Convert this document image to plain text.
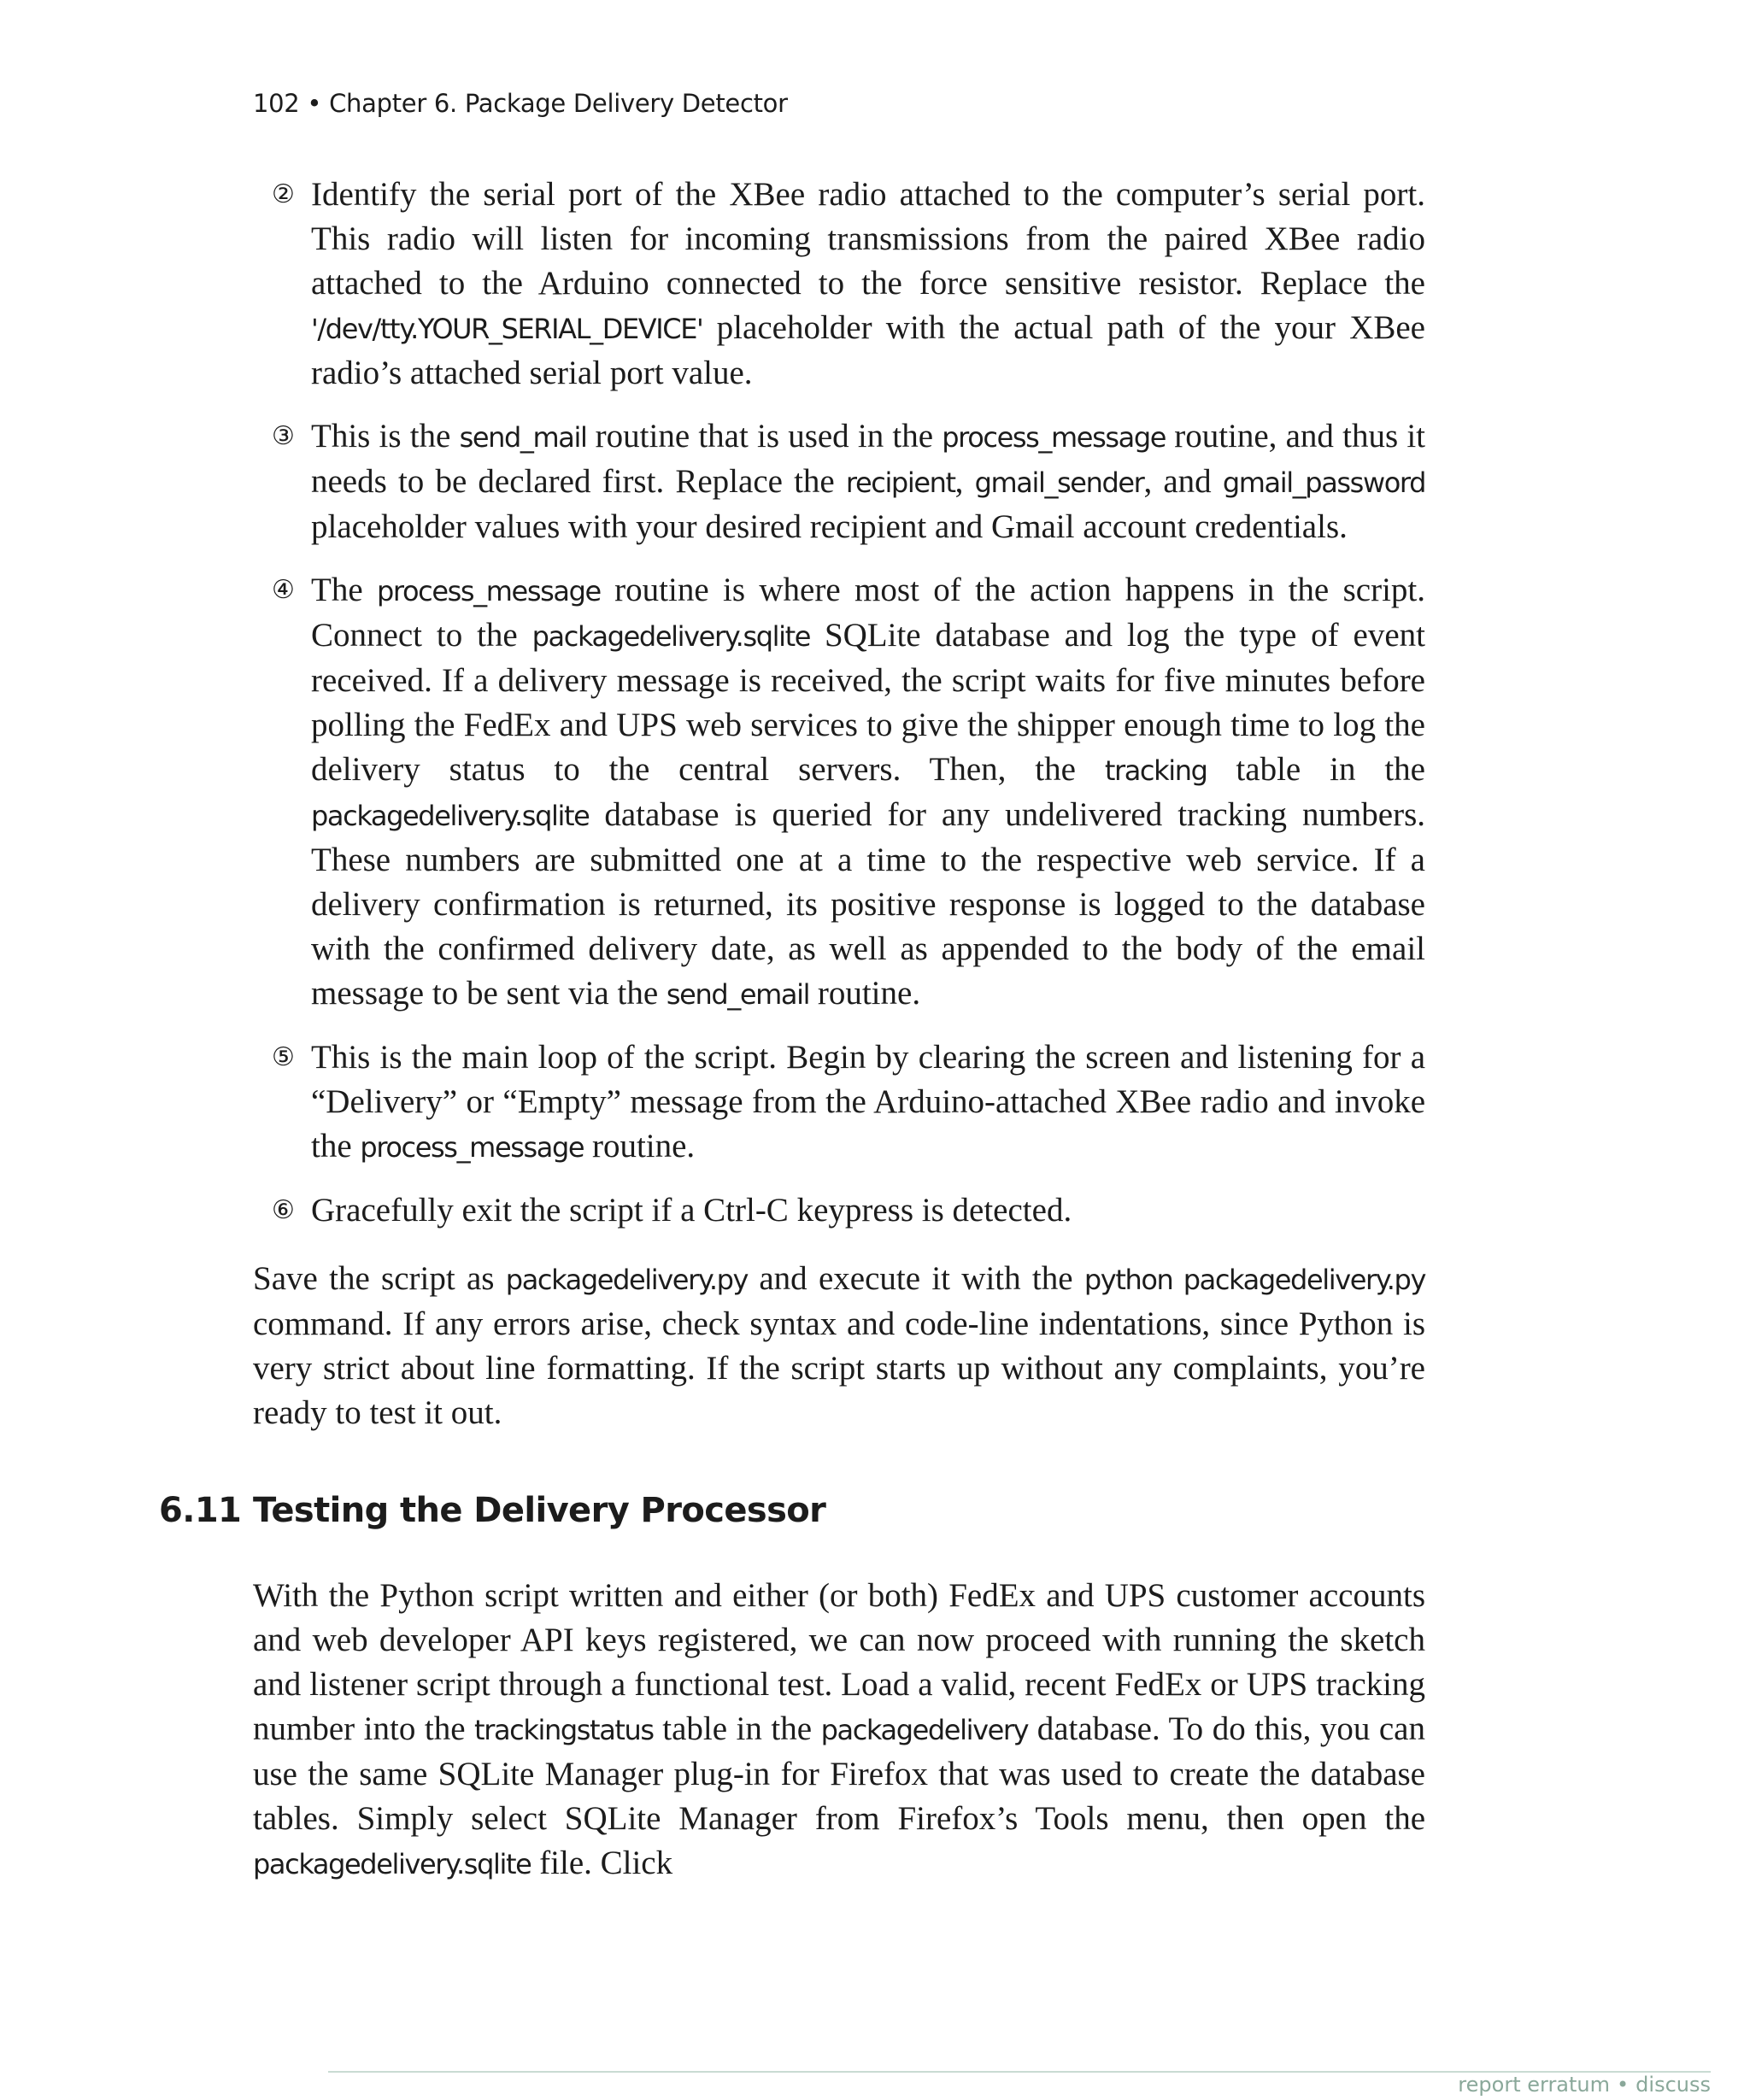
102 • Chapter 6. Package Delivery Detector
② Identify the serial port of the XBee radio attached to the computer’s serial port. This radio will listen for incoming transmissions from the paired XBee radio attached to the Arduino connected to the force sensitive resistor. Replace the '/dev/tty.YOUR_SERIAL_DEVICE' placeholder with the actual path of the your XBee radio’s attached serial port value.
③ This is the send_mail routine that is used in the process_message routine, and thus it needs to be declared first. Replace the recipient, gmail_sender, and gmail_password placeholder values with your desired recipient and Gmail account credentials.
④ The process_message routine is where most of the action happens in the script. Connect to the packagedelivery.sqlite SQLite database and log the type of event received. If a delivery message is received, the script waits for five minutes before polling the FedEx and UPS web services to give the shipper enough time to log the delivery status to the central servers. Then, the tracking table in the packagedelivery.sqlite database is queried for any undelivered tracking numbers. These numbers are submitted one at a time to the respective web service. If a delivery confirmation is returned, its positive response is logged to the database with the confirmed delivery date, as well as appended to the body of the email message to be sent via the send_email routine.
⑤ This is the main loop of the script. Begin by clearing the screen and listening for a “Delivery” or “Empty” message from the Arduino-attached XBee radio and invoke the process_message routine.
⑥ Gracefully exit the script if a Ctrl-C keypress is detected.

Save the script as packagedelivery.py and execute it with the python packagedelivery.py command. If any errors arise, check syntax and code-line indentations, since Python is very strict about line formatting. If the script starts up without any complaints, you’re ready to test it out.

6.11 Testing the Delivery Processor

With the Python script written and either (or both) FedEx and UPS customer accounts and web developer API keys registered, we can now proceed with running the sketch and listener script through a functional test. Load a valid, recent FedEx or UPS tracking number into the trackingstatus table in the packagedelivery database. To do this, you can use the same SQLite Manager plug-in for Firefox that was used to create the database tables. Simply select SQLite Manager from Firefox’s Tools menu, then open the packagedelivery.sqlite file. Click

report erratum • discuss
